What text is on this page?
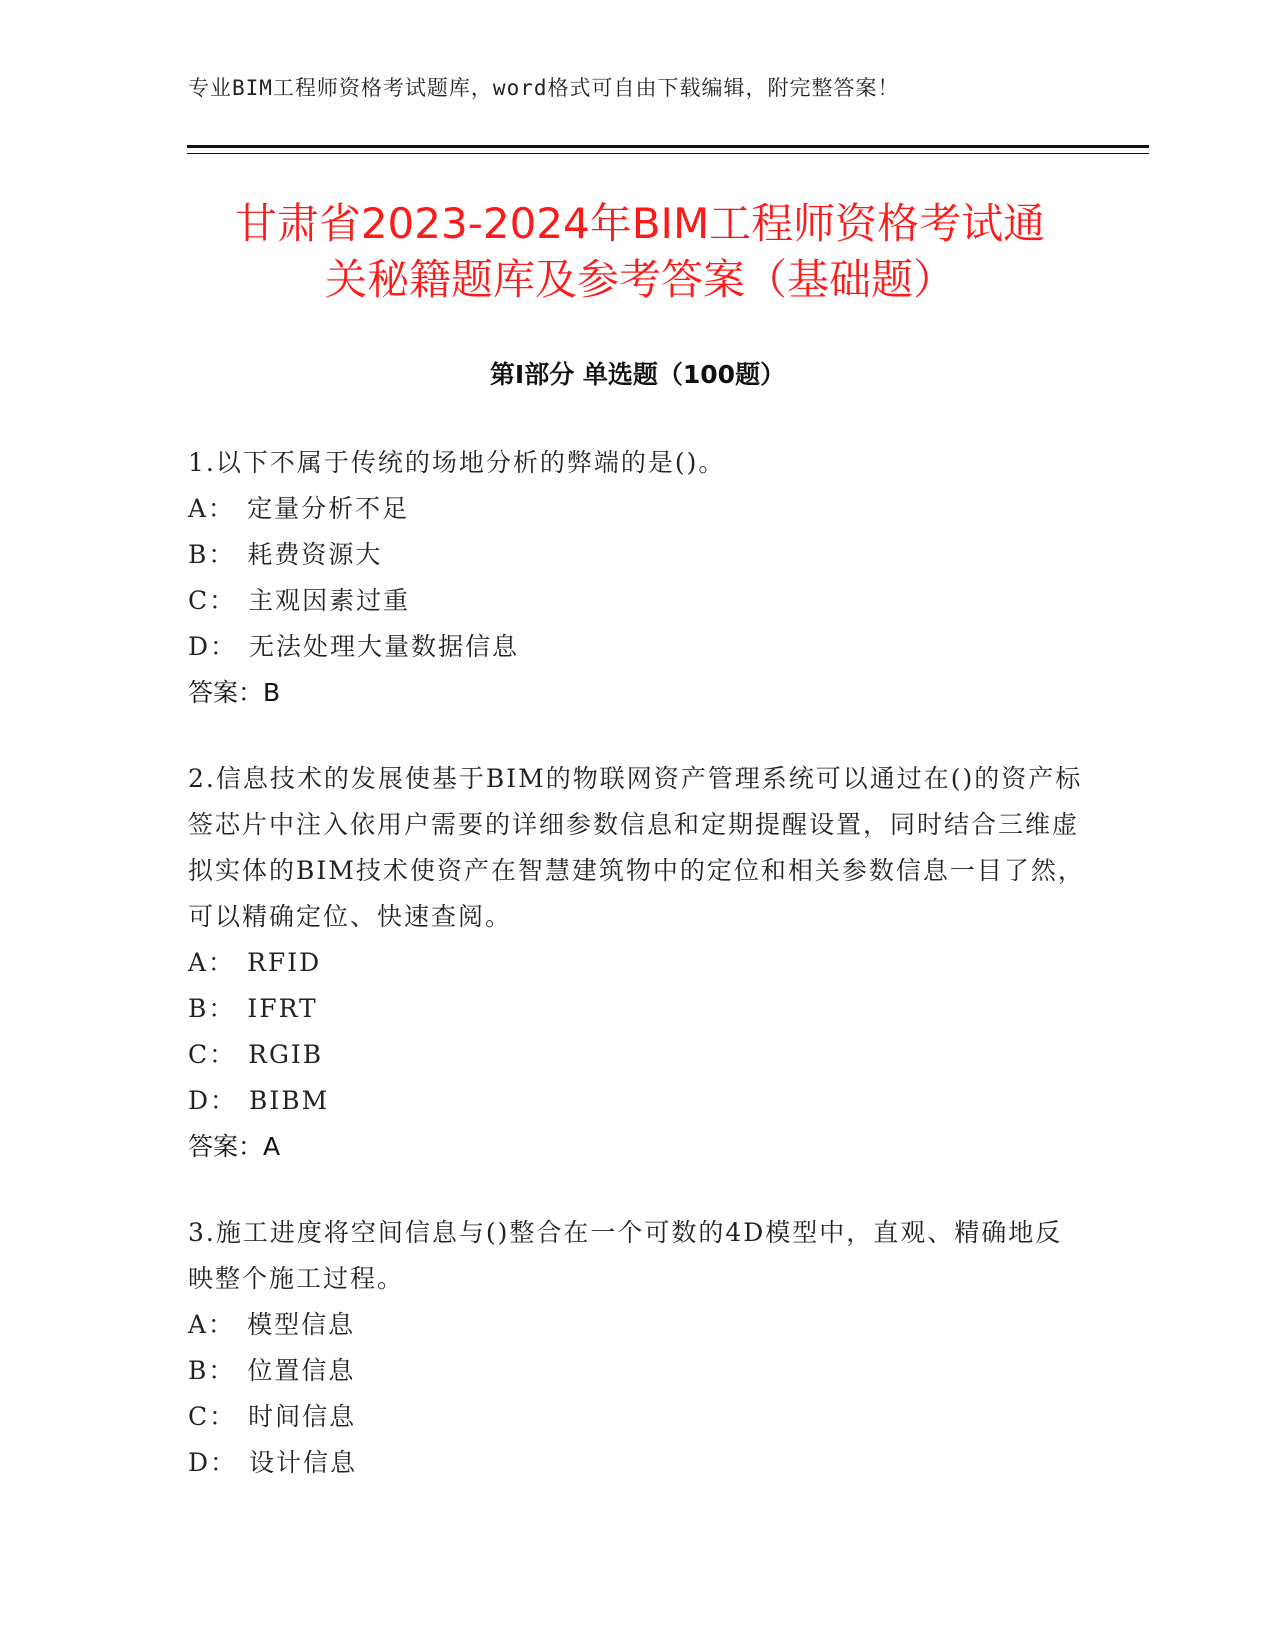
专业BIM工程师资格考试题库，word格式可自由下载编辑，附完整答案！
甘肃省2023-2024年BIM工程师资格考试通
关秘籍题库及参考答案（基础题）
第Ⅰ部分 单选题（100题）
1.以下不属于传统的场地分析的弊端的是()。
A： 定量分析不足
B： 耗费资源大
C： 主观因素过重
D： 无法处理大量数据信息
答案：B
2.信息技术的发展使基于BIM的物联网资产管理系统可以通过在()的资产标签芯片中注入依用户需要的详细参数信息和定期提醒设置，同时结合三维虚拟实体的BIM技术使资产在智慧建筑物中的定位和相关参数信息一目了然，可以精确定位、快速查阅。
A： RFID
B： IFRT
C： RGIB
D： BIBM
答案：A
3.施工进度将空间信息与()整合在一个可数的4D模型中，直观、精确地反映整个施工过程。
A： 模型信息
B： 位置信息
C： 时间信息
D： 设计信息
